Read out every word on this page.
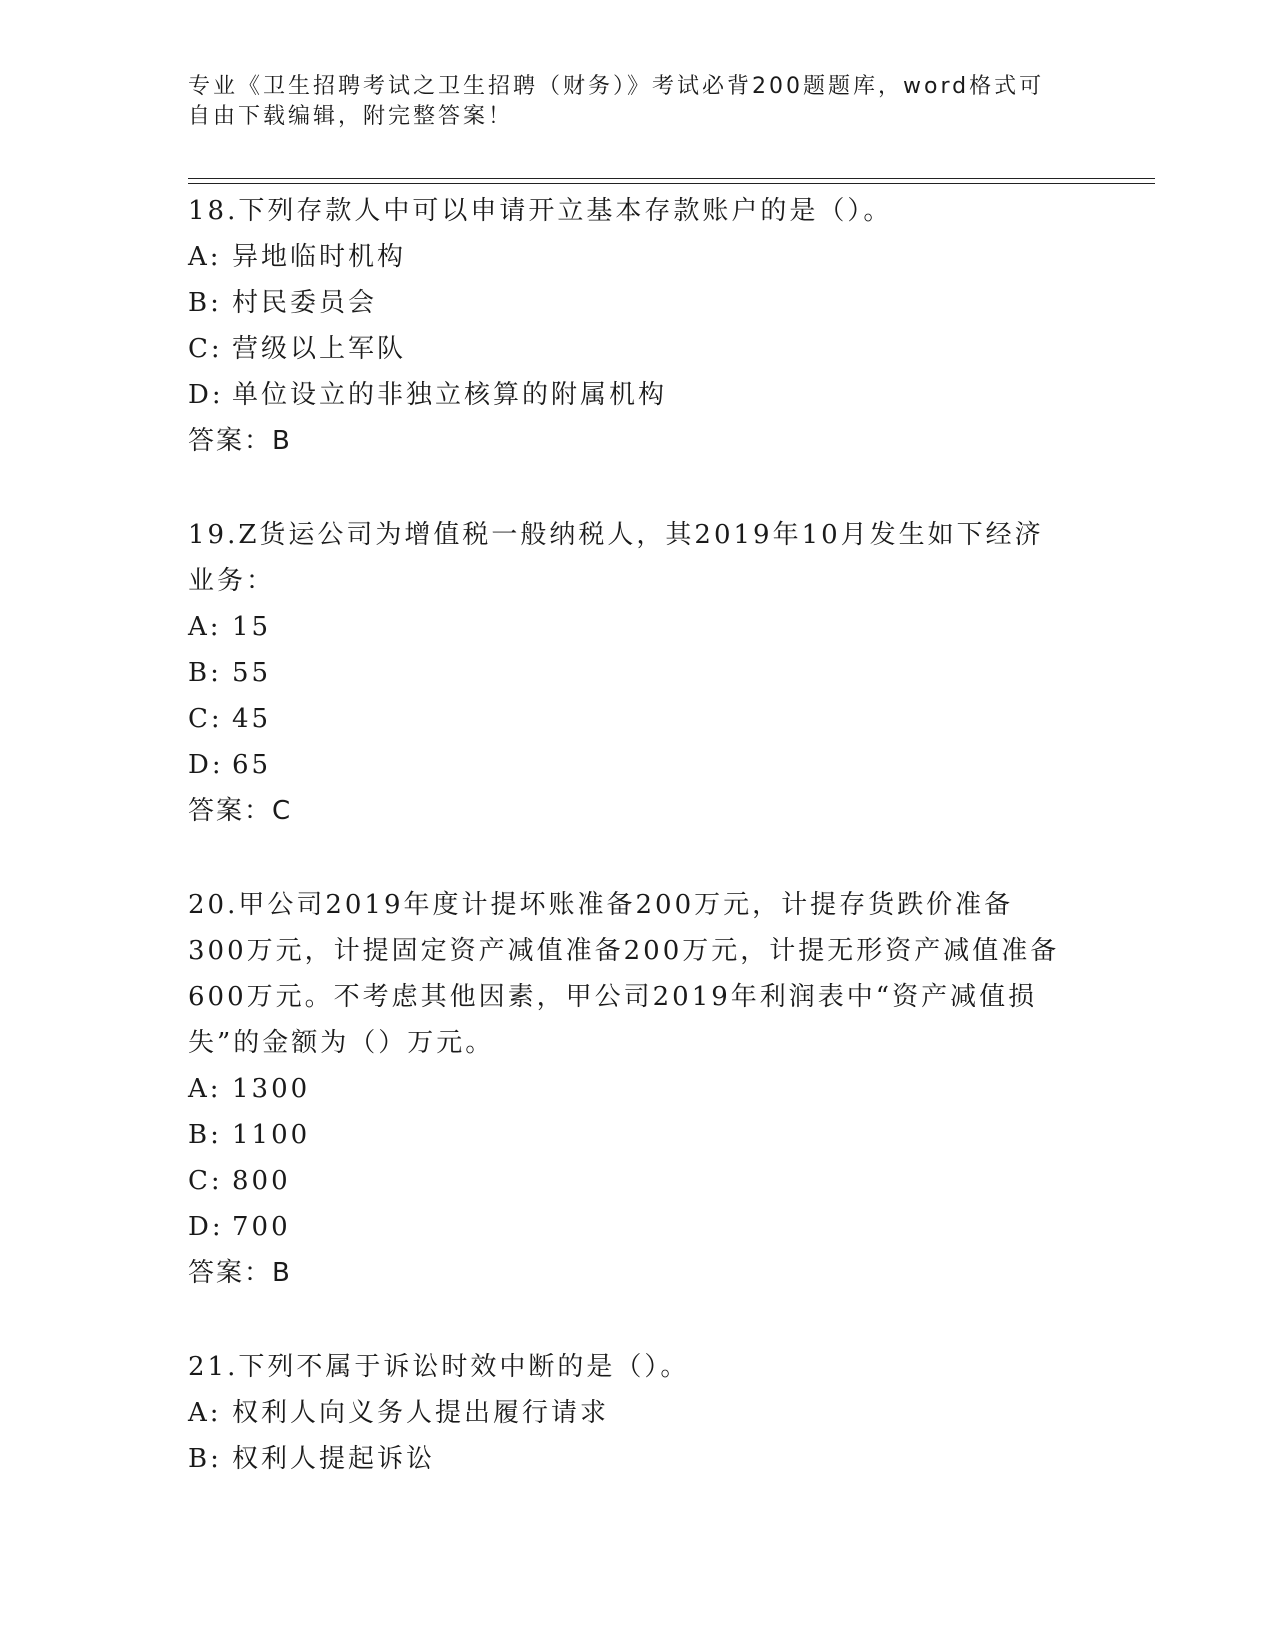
专业《卫生招聘考试之卫生招聘（财务）》考试必背200题题库，word格式可自由下载编辑，附完整答案！
18.下列存款人中可以申请开立基本存款账户的是（）。
A: 异地临时机构
B: 村民委员会
C: 营级以上军队
D: 单位设立的非独立核算的附属机构
答案：B
19.Z货运公司为增值税一般纳税人，其2019年10月发生如下经济业务：
A: 15
B: 55
C: 45
D: 65
答案：C
20.甲公司2019年度计提坏账准备200万元，计提存货跌价准备300万元，计提固定资产减值准备200万元，计提无形资产减值准备600万元。不考虑其他因素，甲公司2019年利润表中“资产减值损失”的金额为（）万元。
A: 1300
B: 1100
C: 800
D: 700
答案：B
21.下列不属于诉讼时效中断的是（）。
A: 权利人向义务人提出履行请求
B: 权利人提起诉讼
